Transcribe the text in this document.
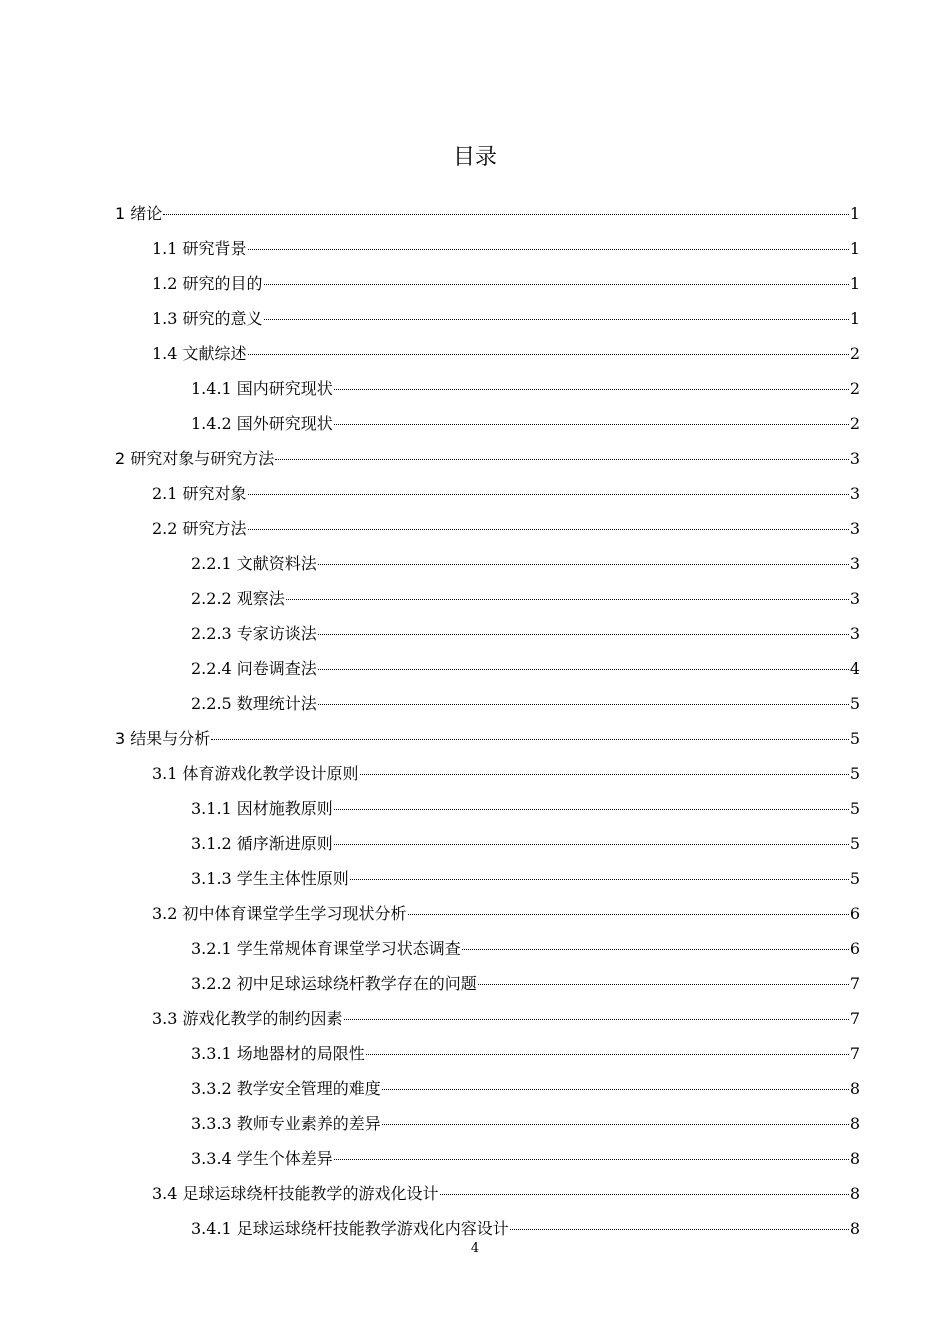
目录
1 绪论	1
1.1 研究背景	1
1.2 研究的目的	1
1.3 研究的意义	1
1.4 文献综述	2
1.4.1 国内研究现状	2
1.4.2 国外研究现状	2
2 研究对象与研究方法	3
2.1 研究对象	3
2.2 研究方法	3
2.2.1 文献资料法	3
2.2.2 观察法	3
2.2.3 专家访谈法	3
2.2.4 问卷调查法	4
2.2.5 数理统计法	5
3 结果与分析	5
3.1 体育游戏化教学设计原则	5
3.1.1 因材施教原则	5
3.1.2 循序渐进原则	5
3.1.3 学生主体性原则	5
3.2 初中体育课堂学生学习现状分析	6
3.2.1 学生常规体育课堂学习状态调查	6
3.2.2 初中足球运球绕杆教学存在的问题	7
3.3 游戏化教学的制约因素	7
3.3.1 场地器材的局限性	7
3.3.2 教学安全管理的难度	8
3.3.3 教师专业素养的差异	8
3.3.4 学生个体差异	8
3.4 足球运球绕杆技能教学的游戏化设计	8
3.4.1 足球运球绕杆技能教学游戏化内容设计	8
4
